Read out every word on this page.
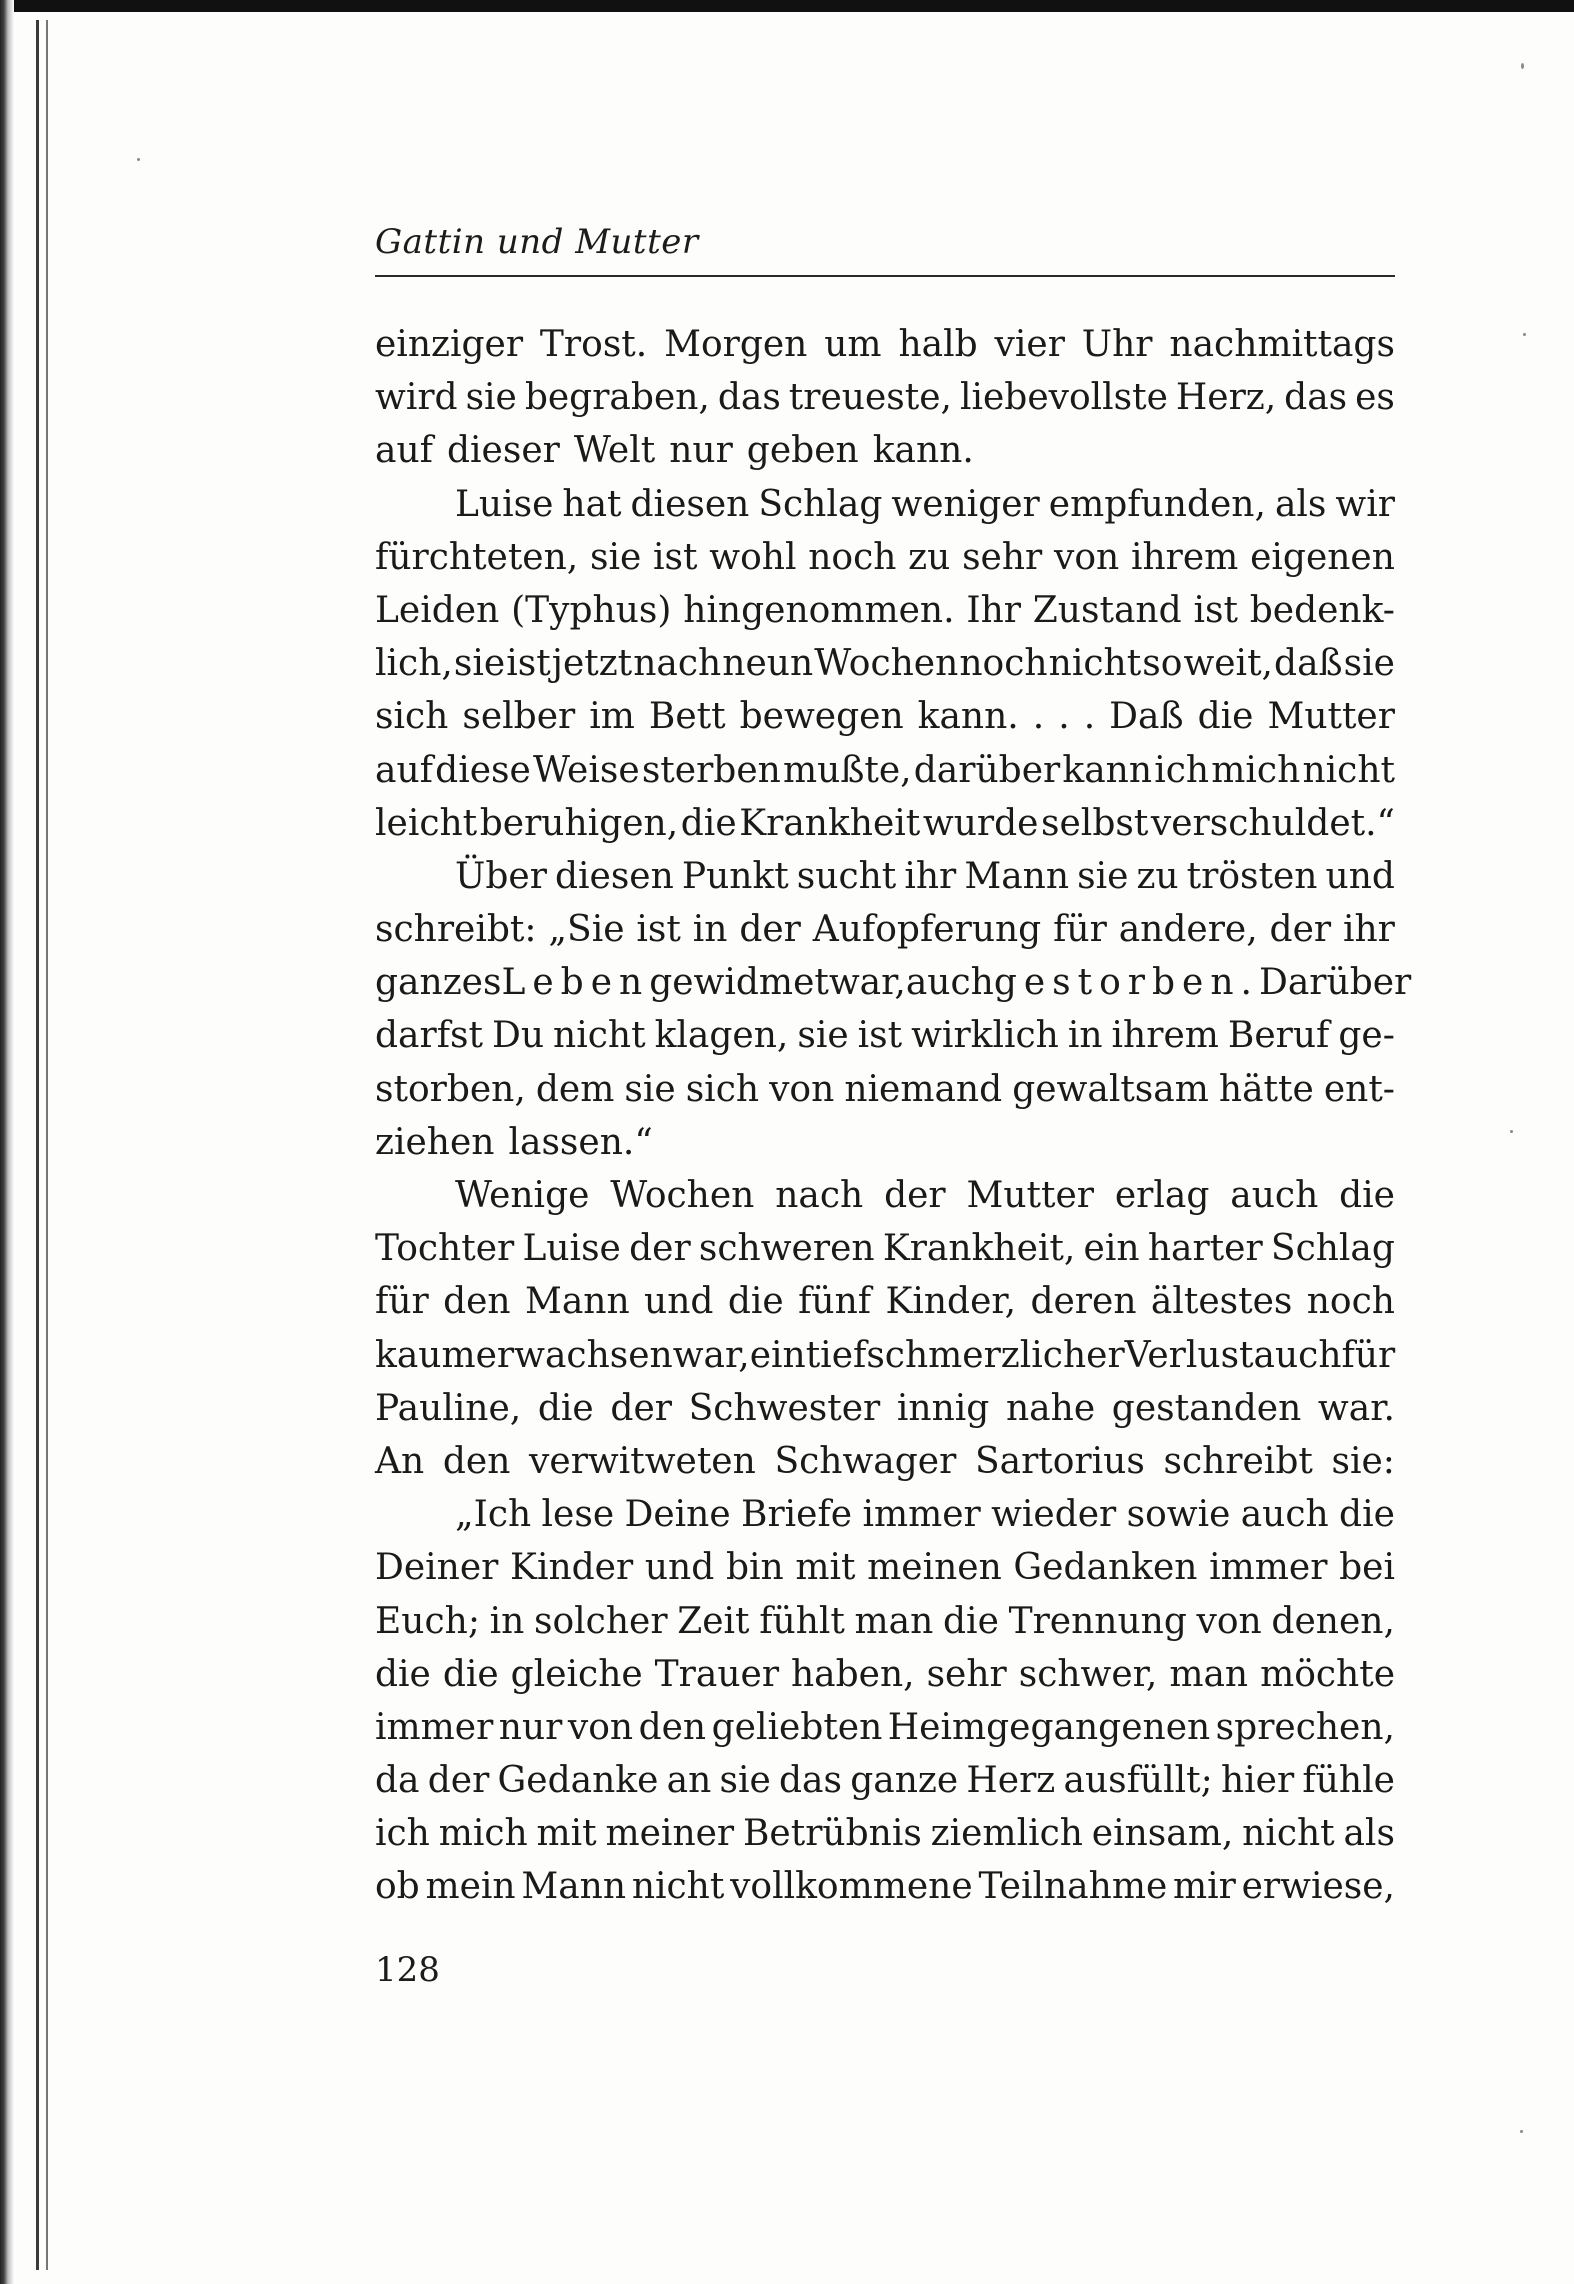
Gattin und Mutter
einziger Trost. Morgen um halb vier Uhr nachmittags
wird sie begraben, das treueste, liebevollste Herz, das es
auf dieser Welt nur geben kann.
Luise hat diesen Schlag weniger empfunden, als wir
fürchteten, sie ist wohl noch zu sehr von ihrem eigenen
Leiden (Typhus) hingenommen. Ihr Zustand ist bedenk-
lich, sie ist jetzt nach neun Wochen noch nicht so weit, daß sie
sich selber im Bett bewegen kann. . . . Daß die Mutter
auf diese Weise sterben mußte, darüber kann ich mich nicht
leicht beruhigen, die Krankheit wurde selbst verschuldet.“
Über diesen Punkt sucht ihr Mann sie zu trösten und
schreibt: „Sie ist in der Aufopferung für andere, der ihr
ganzes Leben gewidmet war, auch gestorben. Darüber
darfst Du nicht klagen, sie ist wirklich in ihrem Beruf ge-
storben, dem sie sich von niemand gewaltsam hätte ent-
ziehen lassen.“
Wenige Wochen nach der Mutter erlag auch die
Tochter Luise der schweren Krankheit, ein harter Schlag
für den Mann und die fünf Kinder, deren ältestes noch
kaum erwachsen war, ein tiefschmerzlicher Verlust auch für
Pauline, die der Schwester innig nahe gestanden war.
An den verwitweten Schwager Sartorius schreibt sie:
„Ich lese Deine Briefe immer wieder sowie auch die
Deiner Kinder und bin mit meinen Gedanken immer bei
Euch; in solcher Zeit fühlt man die Trennung von denen,
die die gleiche Trauer haben, sehr schwer, man möchte
immer nur von den geliebten Heimgegangenen sprechen,
da der Gedanke an sie das ganze Herz ausfüllt; hier fühle
ich mich mit meiner Betrübnis ziemlich einsam, nicht als
ob mein Mann nicht vollkommene Teilnahme mir erwiese,
128
